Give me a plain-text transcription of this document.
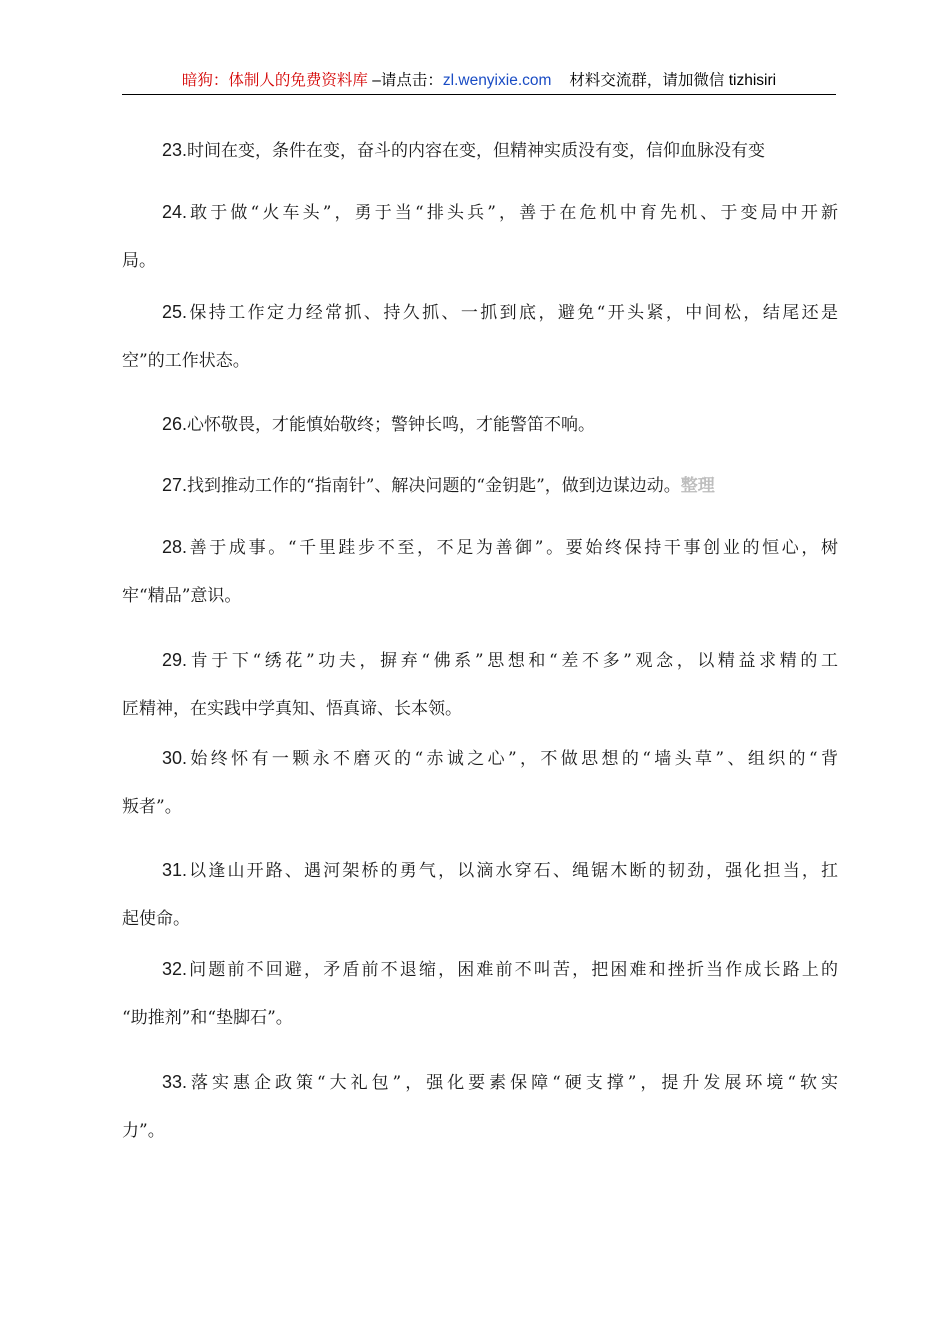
暗狗：体制人的免费资料库 –请点击：zl.wenyixie.com 材料交流群，请加微信 tizhisiri
23.时间在变，条件在变，奋斗的内容在变，但精神实质没有变，信仰血脉没有变
24.敢于做“火车头”，勇于当“排头兵”，善于在危机中育先机、于变局中开新
局。
25.保持工作定力经常抓、持久抓、一抓到底，避免“开头紧，中间松，结尾还是
空”的工作状态。
26.心怀敬畏，才能慎始敬终；警钟长鸣，才能警笛不响。
27.找到推动工作的“指南针”、解决问题的“金钥匙”，做到边谋边动。整理
28.善于成事。“千里跬步不至，不足为善御”。要始终保持干事创业的恒心，树
牢“精品”意识。
29.肯于下“绣花”功夫，摒弃“佛系”思想和“差不多”观念，以精益求精的工
匠精神，在实践中学真知、悟真谛、长本领。
30.始终怀有一颗永不磨灭的“赤诚之心”，不做思想的“墙头草”、组织的“背
叛者”。
31.以逢山开路、遇河架桥的勇气，以滴水穿石、绳锯木断的韧劲，强化担当，扛
起使命。
32.问题前不回避，矛盾前不退缩，困难前不叫苦，把困难和挫折当作成长路上的
“助推剂”和“垫脚石”。
33.落实惠企政策“大礼包”，强化要素保障“硬支撑”，提升发展环境“软实
力”。
